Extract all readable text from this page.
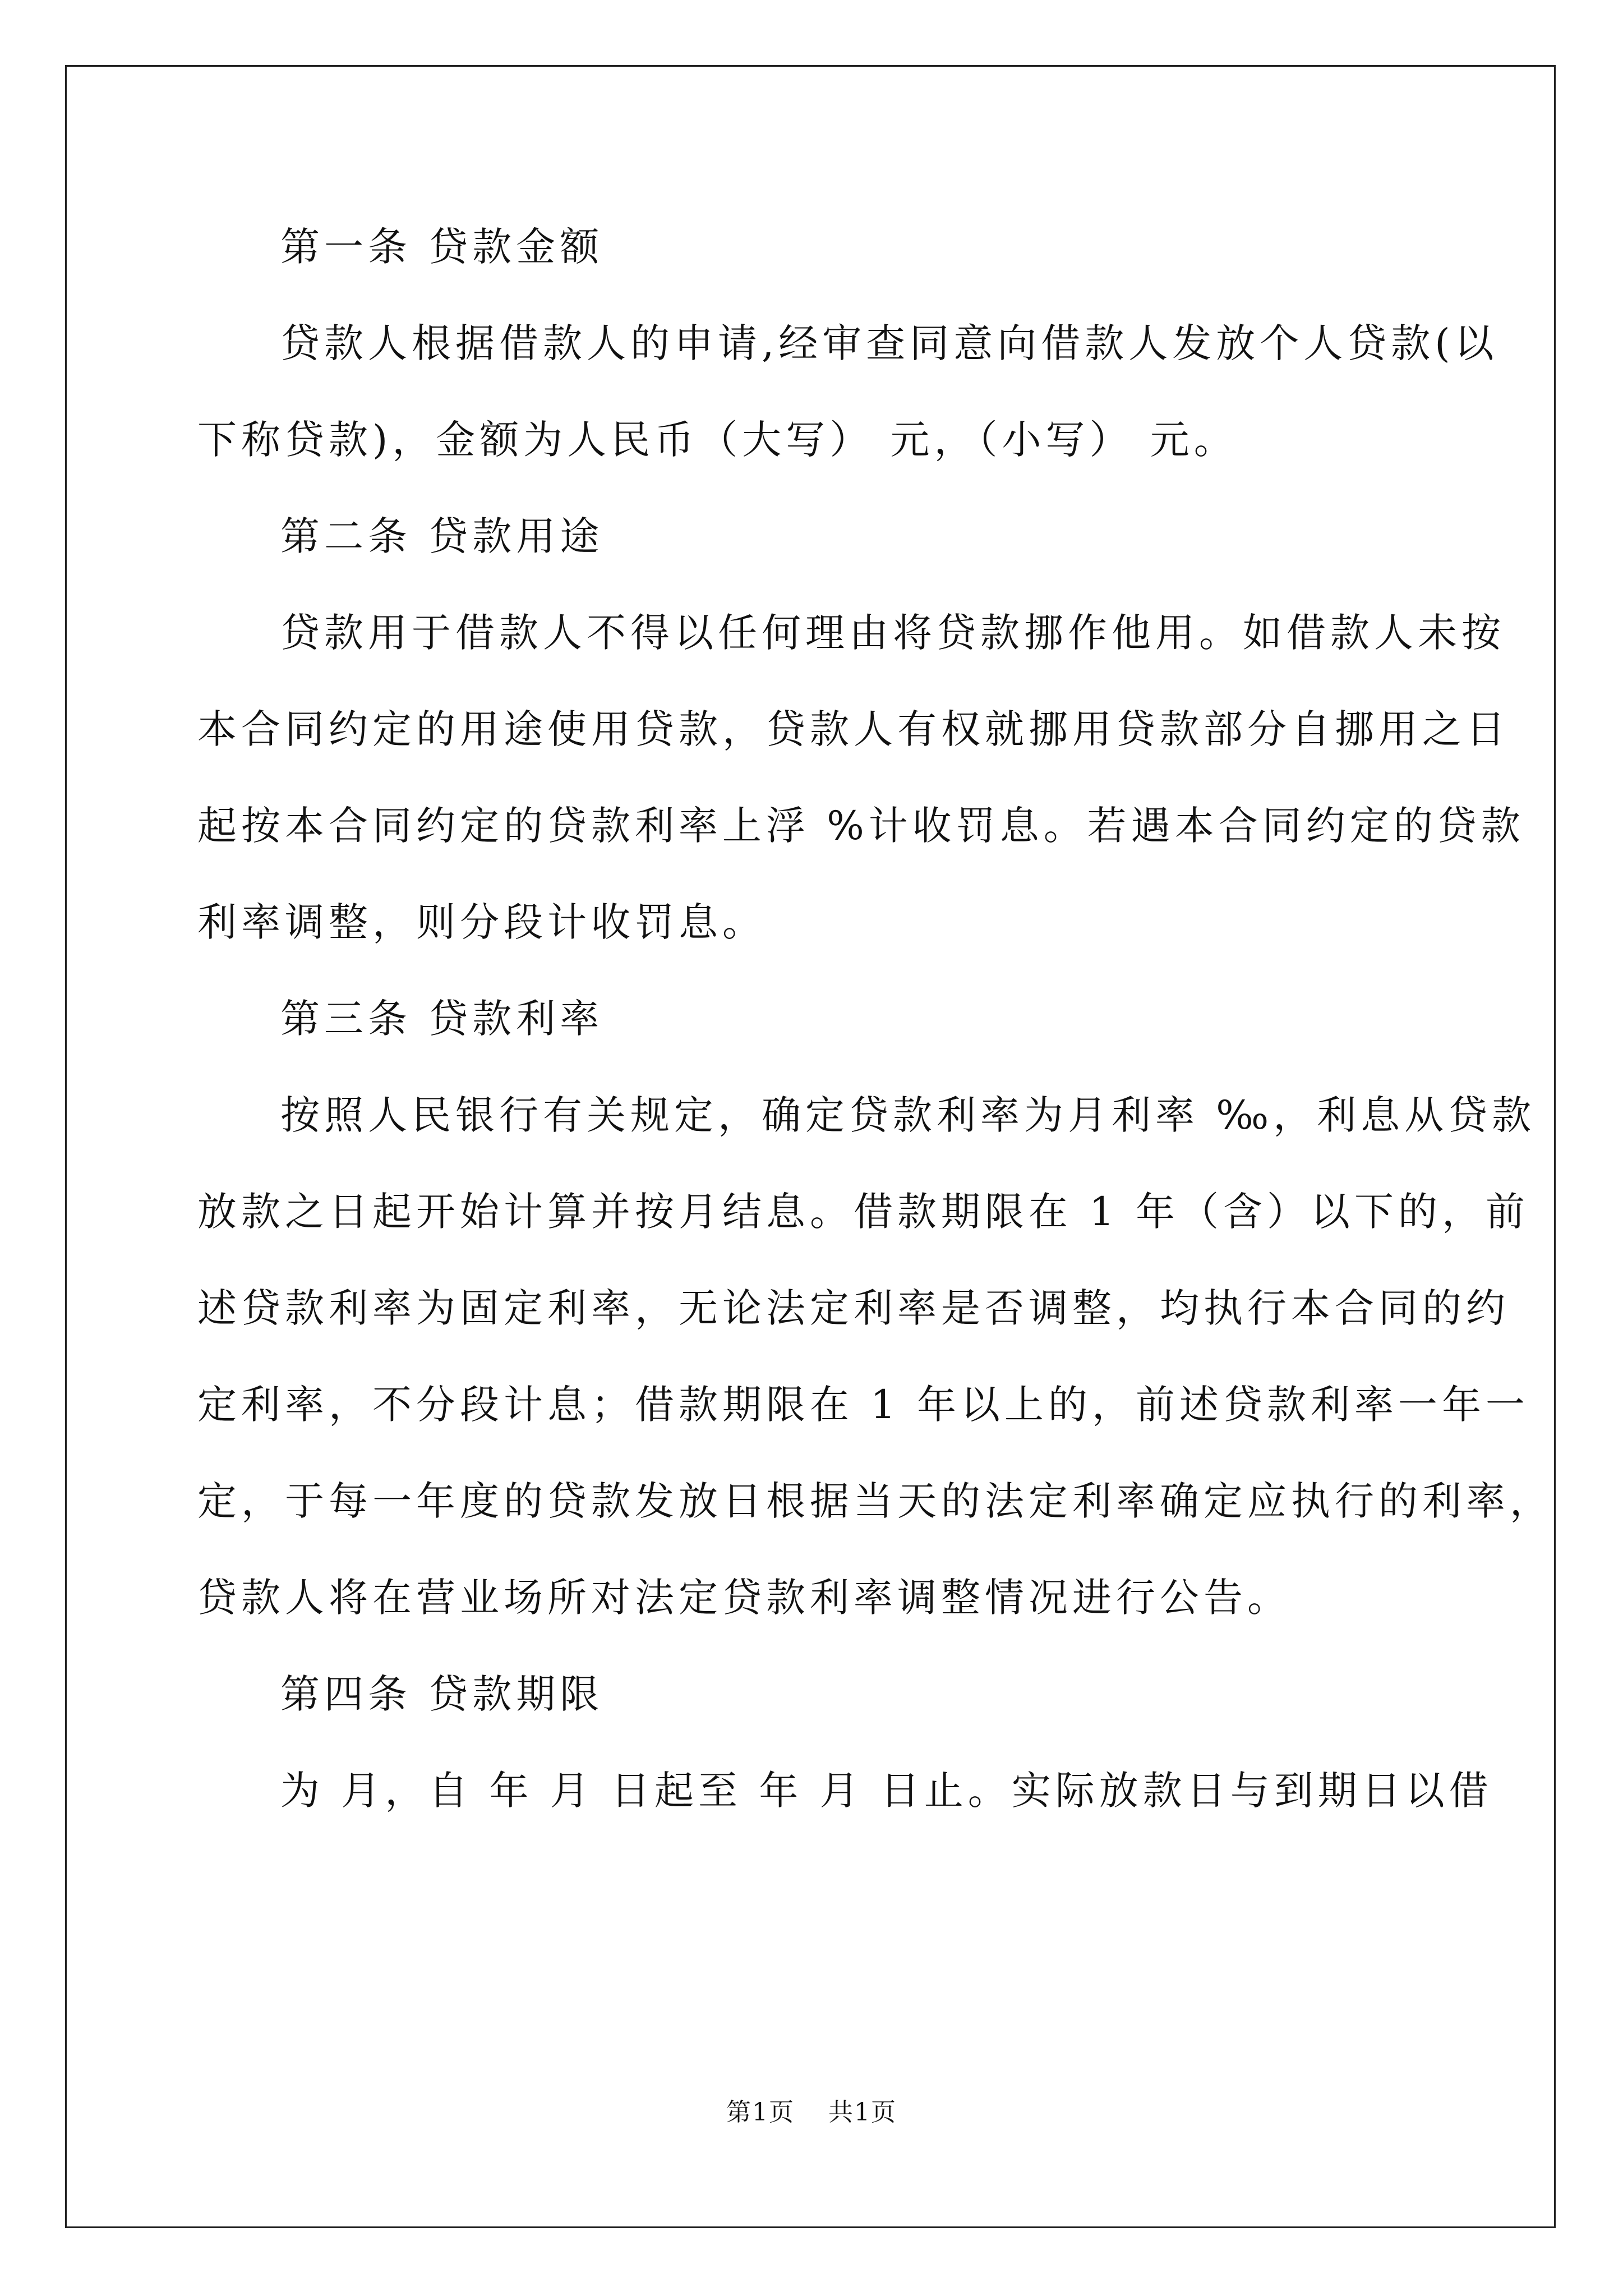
第一条 贷款金额
贷款人根据借款人的申请,经审查同意向借款人发放个人贷款(以
下称贷款)，金额为人民币（大写） 元，（小写） 元。
第二条 贷款用途
贷款用于借款人不得以任何理由将贷款挪作他用。如借款人未按
本合同约定的用途使用贷款，贷款人有权就挪用贷款部分自挪用之日
起按本合同约定的贷款利率上浮 %计收罚息。若遇本合同约定的贷款
利率调整，则分段计收罚息。
第三条 贷款利率
按照人民银行有关规定，确定贷款利率为月利率 ‰，利息从贷款
放款之日起开始计算并按月结息。借款期限在 1 年（含）以下的，前
述贷款利率为固定利率，无论法定利率是否调整，均执行本合同的约
定利率，不分段计息；借款期限在 1 年以上的，前述贷款利率一年一
定，于每一年度的贷款发放日根据当天的法定利率确定应执行的利率，
贷款人将在营业场所对法定贷款利率调整情况进行公告。
第四条 贷款期限
为 月，自 年 月 日起至 年 月 日止。实际放款日与到期日以借
第1页 共1页
